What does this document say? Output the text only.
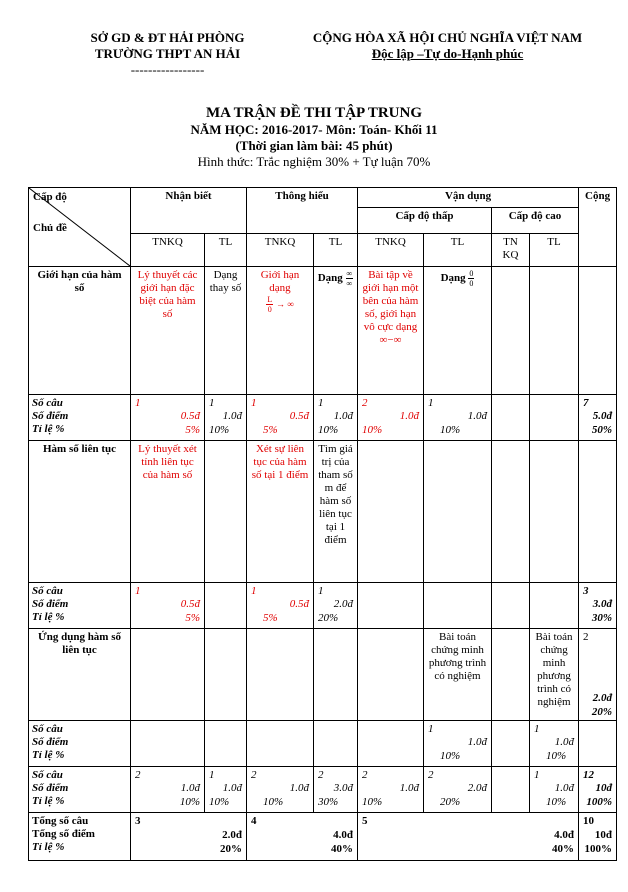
SỞ GD & ĐT HẢI PHÒNG
TRƯỜNG THPT AN HẢI
-----------------
CỘNG HÒA XÃ HỘI CHỦ NGHĨA VIỆT NAM
Độc lập –Tự do-Hạnh phúc
MA TRẬN ĐỀ THI TẬP TRUNG
NĂM HỌC: 2016-2017- Môn: Toán- Khối 11
(Thời gian làm bài: 45 phút)
Hình thức: Trắc nghiệm 30% + Tự luận 70%
Cấp độ
Chủ đề	Nhận biết		Thông hiểu		Vận dụng				Cộng
					Cấp độ thấp		Cấp độ cao		
	TNKQ	TL	TNKQ	TL	TNKQ	TL	TN
KQ	TL	
Giới hạn của hàm số	Lý thuyết các giới hạn đặc biệt của hàm số	Dạng thay số	Giới hạn dạng

$\frac{L}{0}$ → ∞	Dạng $\frac{\infty}{\infty}$	Bài tập về giới hạn một bên của hàm số, giới hạn vô cực dạng
∞−∞	Dạng $\frac{0}{0}$

Số câu
Số điểm
Tỉ lệ %	1
0.5đ
5%	1
1.0đ
10%	1
0.5đ
5%	1
1.0đ
10%	2
1.0đ
10%	1
1.0đ
10%			7
5.0đ
50%

Hàm số liên tục	Lý thuyết xét tính liên tục của hàm số		Xét sự liên tục của hàm số tại 1 điểm	Tìm giá trị của tham số m để hàm số liên tục tại 1 điểm					
Số câu
Số điểm
Tỉ lệ %	1
0.5đ
5%		1
0.5đ
5%	1
2.0đ
20%					3
3.0đ
30%

Ứng dụng hàm số liên tục						Bài toán chứng minh phương trình có nghiệm		Bài toán chứng minh phương trình có nghiệm	2
2.0đ
20%

Số câu
Số điểm
Tỉ lệ %						1
1.0đ
10%		1
1.0đ
10%	

Số câu
Số điểm
Tỉ lệ %	2
1.0đ
10%	1
1.0đ
10%	2
1.0đ
10%	2
3.0đ
30%	2
1.0đ
10%	2
2.0đ
20%		1
1.0đ
10%	12
10đ
100%

Tổng số câu
Tổng số điểm
Tỉ lệ %	3
2.0đ
20%		4
4.0đ
40%		5
4.0đ
40%				10
10đ
100%
